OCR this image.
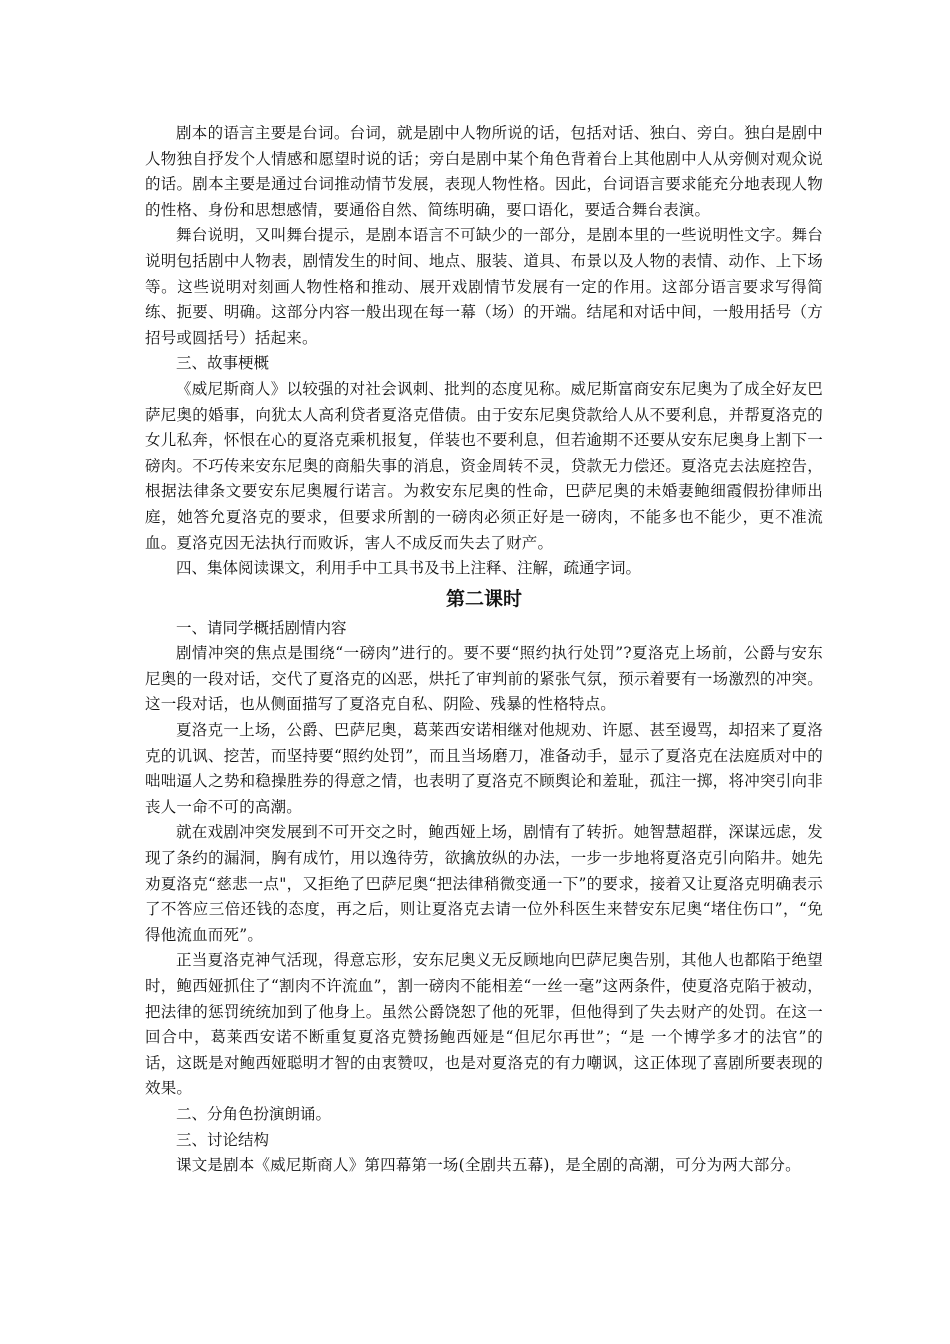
剧本的语言主要是台词。台词，就是剧中人物所说的话，包括对话、独白、旁白。独白是剧中人物独自抒发个人情感和愿望时说的话；旁白是剧中某个角色背着台上其他剧中人从旁侧对观众说的话。剧本主要是通过台词推动情节发展，表现人物性格。因此，台词语言要求能充分地表现人物的性格、身份和思想感情，要通俗自然、简练明确，要口语化，要适合舞台表演。

舞台说明，又叫舞台提示，是剧本语言不可缺少的一部分，是剧本里的一些说明性文字。舞台说明包括剧中人物表，剧情发生的时间、地点、服装、道具、布景以及人物的表情、动作、上下场等。这些说明对刻画人物性格和推动、展开戏剧情节发展有一定的作用。这部分语言要求写得简练、扼要、明确。这部分内容一般出现在每一幕（场）的开端。结尾和对话中间，一般用括号（方招号或圆括号）括起来。

三、故事梗概

《威尼斯商人》以较强的对社会讽刺、批判的态度见称。威尼斯富商安东尼奥为了成全好友巴萨尼奥的婚事，向犹太人高利贷者夏洛克借债。由于安东尼奥贷款给人从不要利息，并帮夏洛克的女儿私奔，怀恨在心的夏洛克乘机报复，佯装也不要利息，但若逾期不还要从安东尼奥身上割下一磅肉。不巧传来安东尼奥的商船失事的消息，资金周转不灵，贷款无力偿还。夏洛克去法庭控告，根据法律条文要安东尼奥履行诺言。为救安东尼奥的性命，巴萨尼奥的未婚妻鲍细霞假扮律师出庭，她答允夏洛克的要求，但要求所割的一磅肉必须正好是一磅肉，不能多也不能少，更不准流血。夏洛克因无法执行而败诉，害人不成反而失去了财产。

四、集体阅读课文，利用手中工具书及书上注释、注解，疏通字词。

第二课时

一、请同学概括剧情内容

剧情冲突的焦点是围绕“一磅肉”进行的。要不要“照约执行处罚”?夏洛克上场前，公爵与安东尼奥的一段对话，交代了夏洛克的凶恶，烘托了审判前的紧张气氛，预示着要有一场激烈的冲突。这一段对话，也从侧面描写了夏洛克自私、阴险、残暴的性格特点。

夏洛克一上场，公爵、巴萨尼奥，葛莱西安诺相继对他规劝、许愿、甚至谩骂，却招来了夏洛克的讥讽、挖苦，而坚持要“照约处罚”，而且当场磨刀，准备动手，显示了夏洛克在法庭质对中的咄咄逼人之势和稳操胜券的得意之情，也表明了夏洛克不顾舆论和羞耻，孤注一掷，将冲突引向非丧人一命不可的高潮。

就在戏剧冲突发展到不可开交之时，鲍西娅上场，剧情有了转折。她智慧超群，深谋远虑，发现了条约的漏洞，胸有成竹，用以逸待劳，欲擒放纵的办法，一步一步地将夏洛克引向陷井。她先劝夏洛克“慈悲一点"，又拒绝了巴萨尼奥“把法律稍微变通一下”的要求，接着又让夏洛克明确表示了不答应三倍还钱的态度，再之后，则让夏洛克去请一位外科医生来替安东尼奥“堵住伤口”，“免得他流血而死”。

正当夏洛克神气活现，得意忘形，安东尼奥义无反顾地向巴萨尼奥告别，其他人也都陷于绝望时，鲍西娅抓住了“割肉不许流血”，割一磅肉不能相差“一丝一毫”这两条件，使夏洛克陷于被动，把法律的惩罚统统加到了他身上。虽然公爵饶恕了他的死罪，但他得到了失去财产的处罚。在这一回合中，葛莱西安诺不断重复夏洛克赞扬鲍西娅是“但尼尔再世”；“是 一个博学多才的法官”的话，这既是对鲍西娅聪明才智的由衷赞叹，也是对夏洛克的有力嘲讽，这正体现了喜剧所要表现的效果。

二、分角色扮演朗诵。

三、讨论结构

课文是剧本《威尼斯商人》第四幕第一场(全剧共五幕)，是全剧的高潮，可分为两大部分。
